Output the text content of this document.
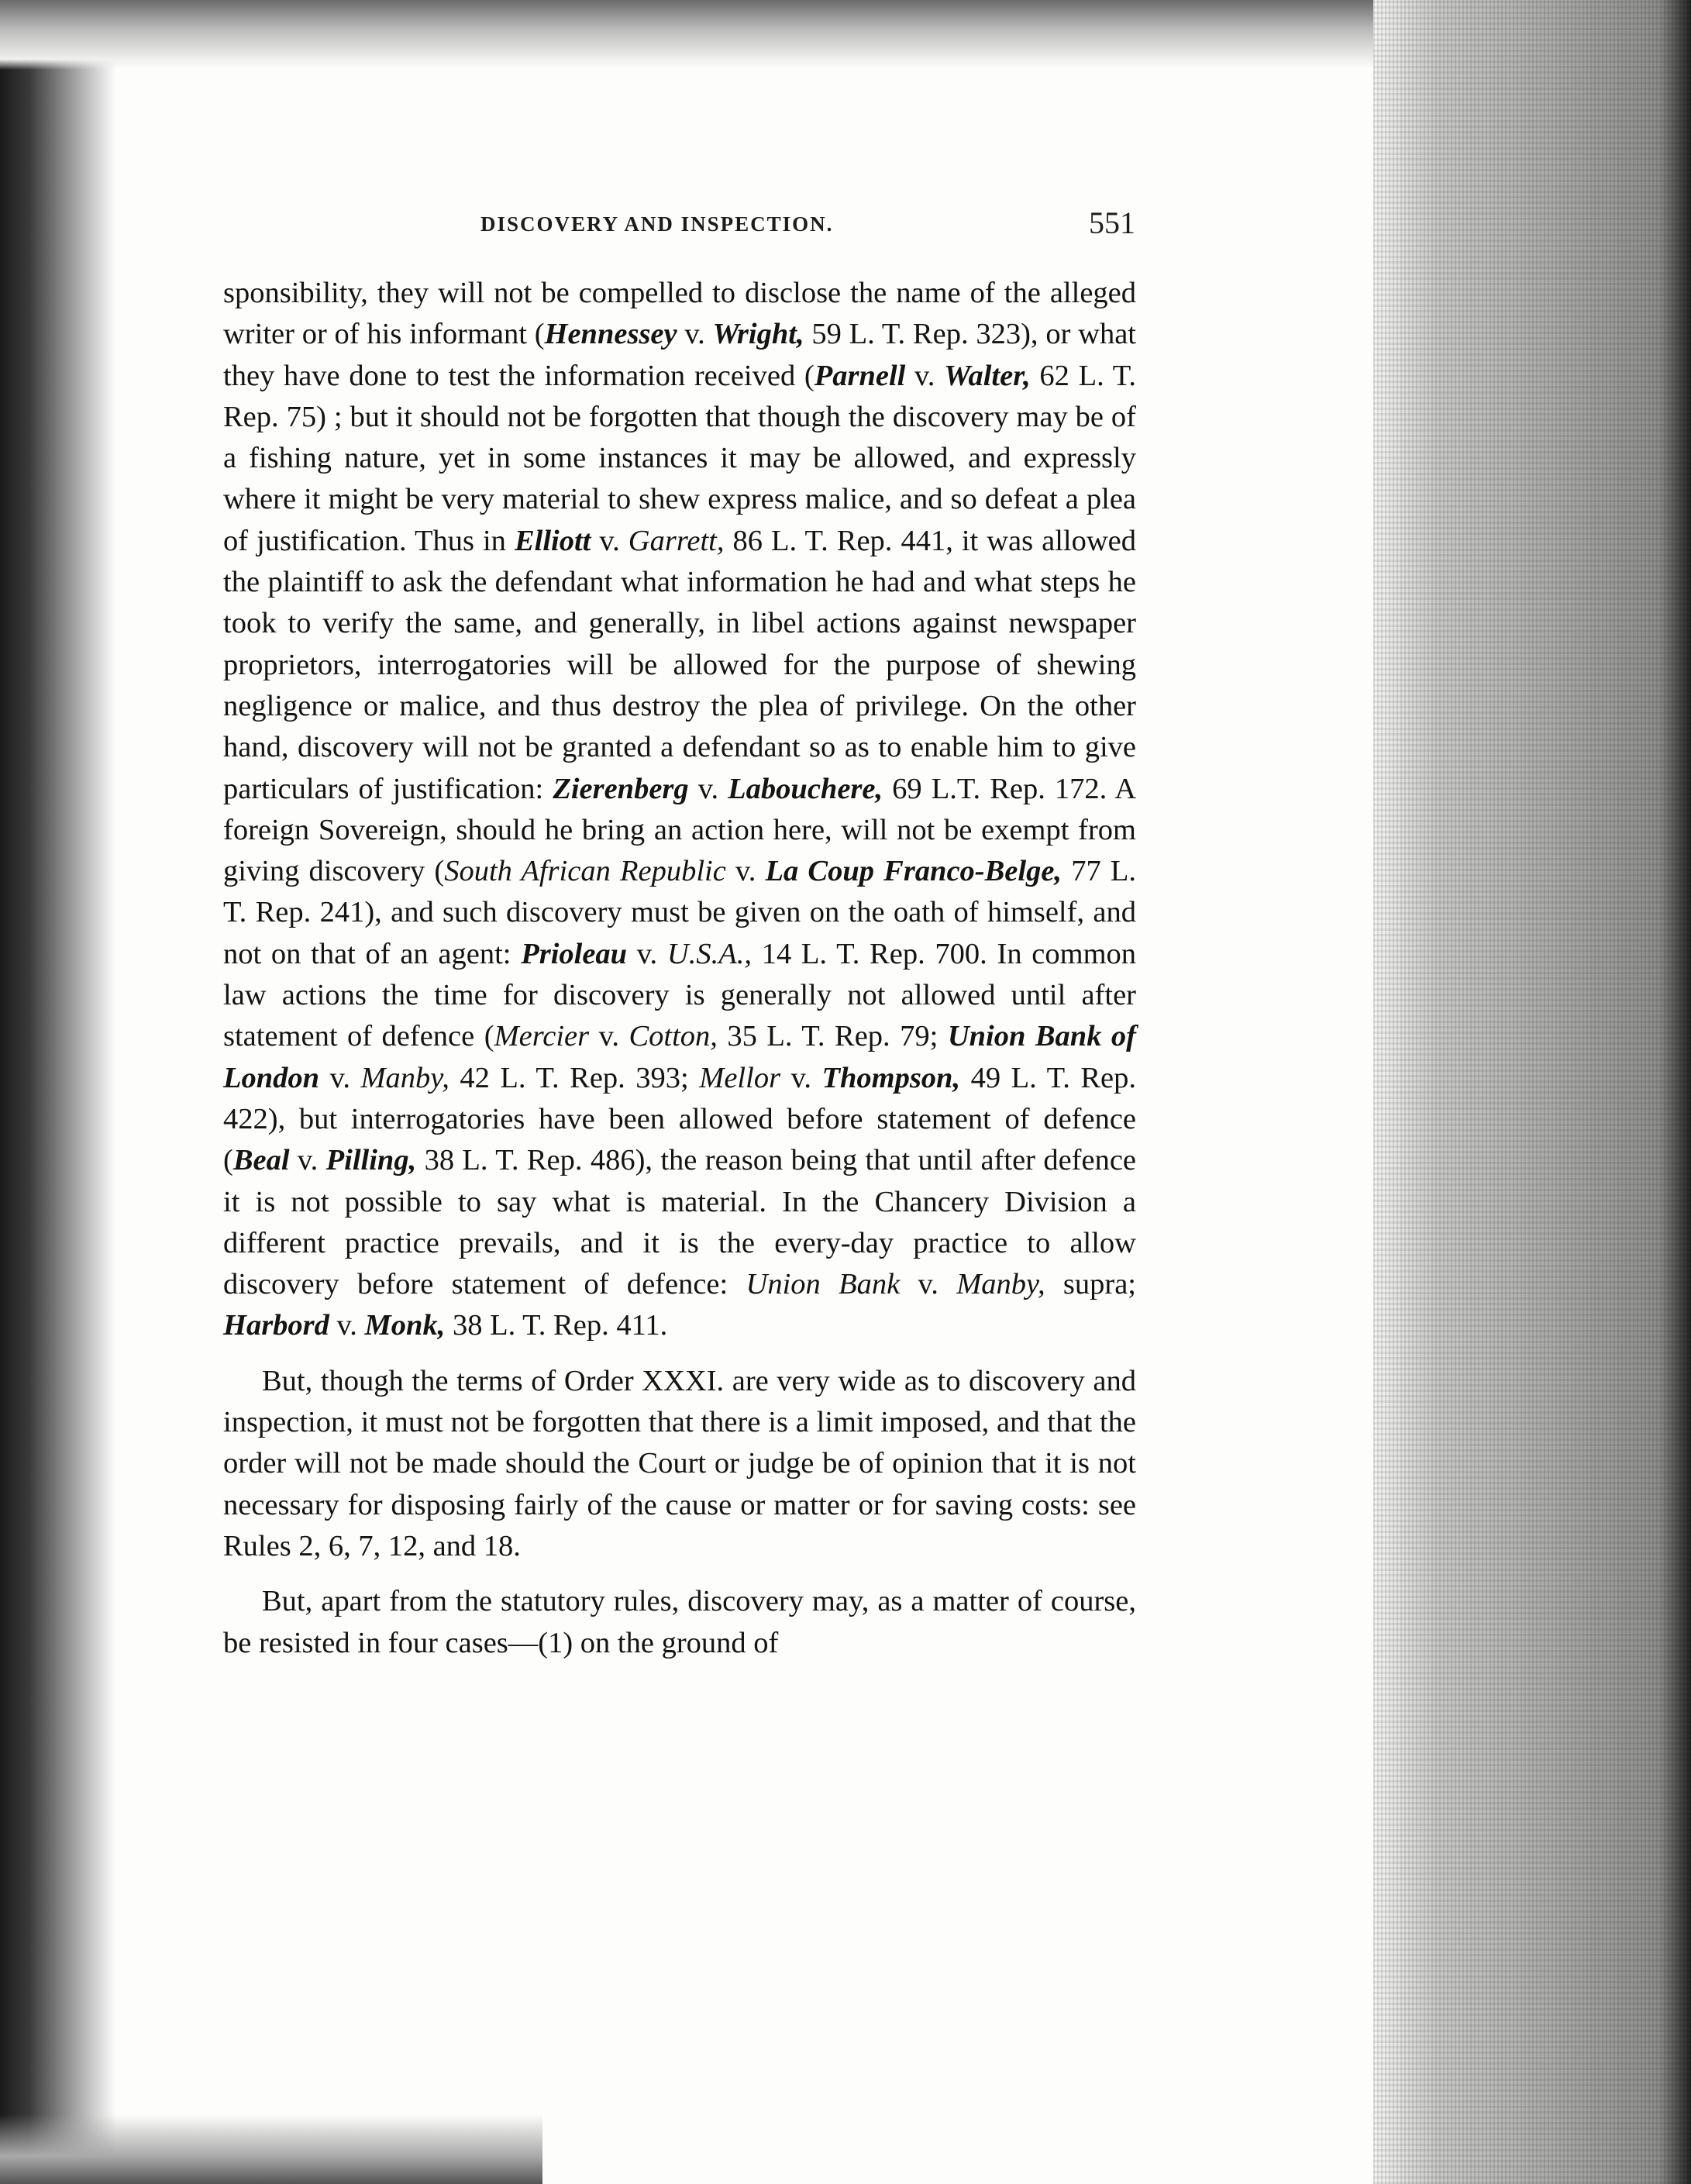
DISCOVERY AND INSPECTION.	551

sponsibility, they will not be compelled to disclose the name of the alleged writer or of his informant (Hennessey v. Wright, 59 L. T. Rep. 323), or what they have done to test the information received (Parnell v. Walter, 62 L. T. Rep. 75) ; but it should not be forgotten that though the discovery may be of a fishing nature, yet in some instances it may be allowed, and expressly where it might be very material to shew express malice, and so defeat a plea of justification. Thus in Elliott v. Garrett, 86 L. T. Rep. 441, it was allowed the plaintiff to ask the defendant what information he had and what steps he took to verify the same, and generally, in libel actions against newspaper proprietors, interrogatories will be allowed for the purpose of shewing negligence or malice, and thus destroy the plea of privilege. On the other hand, discovery will not be granted a defendant so as to enable him to give particulars of justification: Zierenberg v. Labouchere, 69 L.T. Rep. 172. A foreign Sovereign, should he bring an action here, will not be exempt from giving discovery (South African Republic v. La Coup Franco-Belge, 77 L. T. Rep. 241), and such discovery must be given on the oath of himself, and not on that of an agent: Prioleau v. U.S.A., 14 L. T. Rep. 700. In common law actions the time for discovery is generally not allowed until after statement of defence (Mercier v. Cotton, 35 L. T. Rep. 79; Union Bank of London v. Manby, 42 L. T. Rep. 393; Mellor v. Thompson, 49 L. T. Rep. 422), but interrogatories have been allowed before statement of defence (Beal v. Pilling, 38 L. T. Rep. 486), the reason being that until after defence it is not possible to say what is material. In the Chancery Division a different practice prevails, and it is the every-day practice to allow discovery before statement of defence: Union Bank v. Manby, supra; Harbord v. Monk, 38 L. T. Rep. 411.

But, though the terms of Order XXXI. are very wide as to discovery and inspection, it must not be forgotten that there is a limit imposed, and that the order will not be made should the Court or judge be of opinion that it is not necessary for disposing fairly of the cause or matter or for saving costs: see Rules 2, 6, 7, 12, and 18.

But, apart from the statutory rules, discovery may, as a matter of course, be resisted in four cases—(1) on the ground of
